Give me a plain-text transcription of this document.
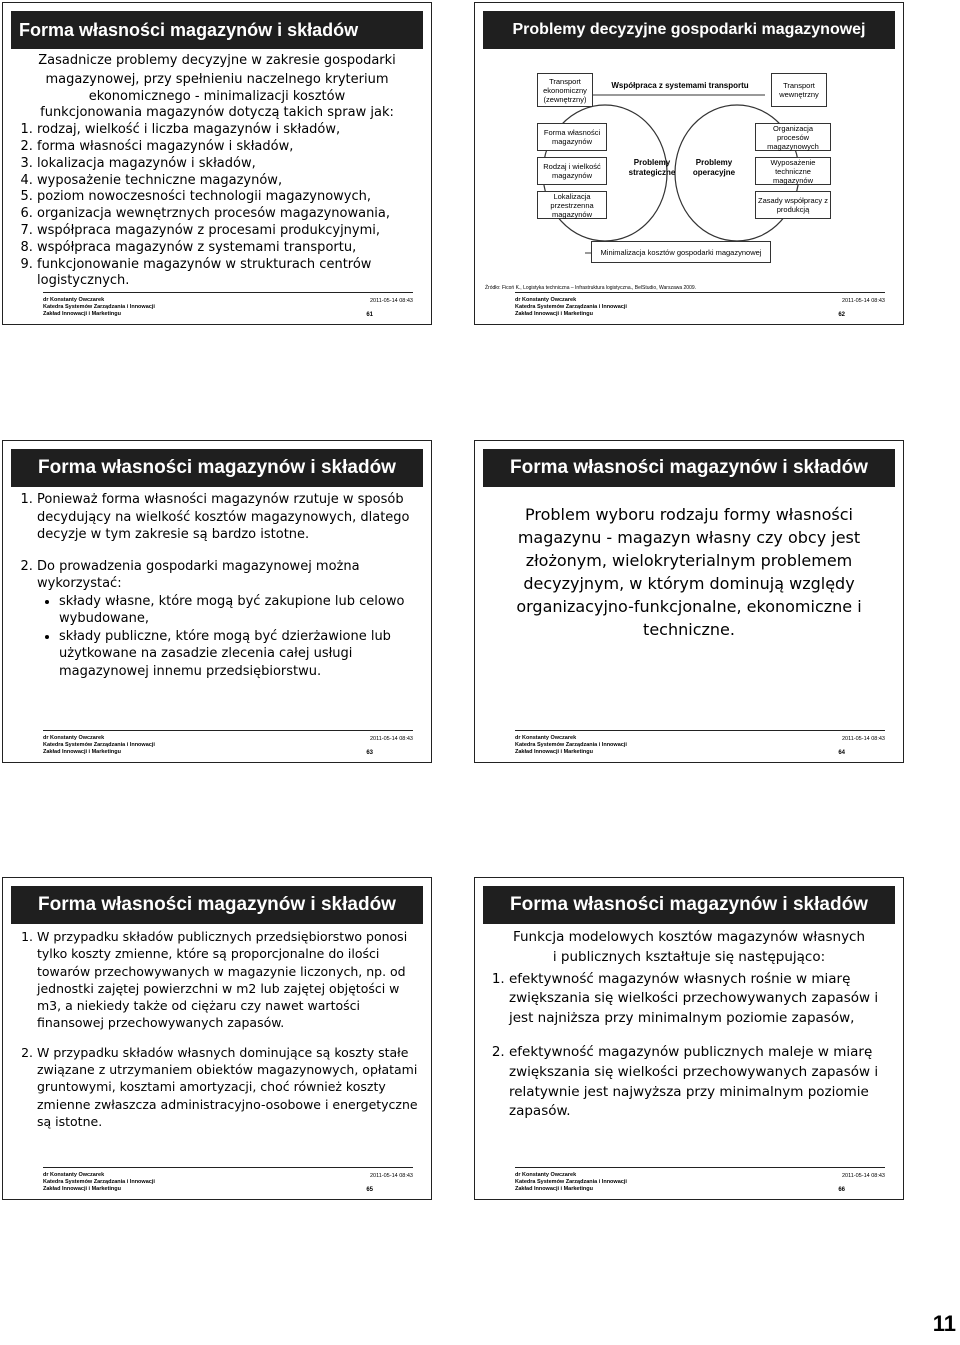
Forma własności magazynów i składów
Zasadnicze problemy decyzyjne w zakresie gospodarki
magazynowej, przy spełnieniu naczelnego kryterium
ekonomicznego - minimalizacji kosztów
funkcjonowania magazynów dotyczą takich spraw jak:
1. rodzaj, wielkość i liczba magazynów i składów,
2. forma własności magazynów i składów,
3. lokalizacja magazynów i składów,
4. wyposażenie techniczne magazynów,
5. poziom nowoczesności technologii magazynowych,
6. organizacja wewnętrznych procesów magazynowania,
7. współpraca magazynów z procesami produkcyjnymi,
8. współpraca magazynów z systemami transportu,
9. funkcjonowanie magazynów w strukturach centrów logistycznych.
dr Konstanty Owczarek
Katedra Systemów Zarządzania i Innowacji
Zakład Innowacji i Marketingu
2011-05-14 08:43
61
Problemy decyzyjne gospodarki magazynowej
Transport ekonomiczny (zewnętrzny)
Współpraca z systemami transportu	Transport wewnętrzny
Forma własności magazynów
Rodzaj i wielkość magazynów
Lokalizacja przestrzenna magazynów
Problemy strategiczne
Problemy operacyjne
Organizacja procesów magazynowych
Wyposażenie techniczne magazynów
Zasady współpracy z produkcją
Minimalizacja kosztów gospodarki magazynowej
Źródło: Ficoń K., Logistyka techniczna – Infrastruktura logistyczna., BelStudio, Warszawa 2009.
dr Konstanty Owczarek
Katedra Systemów Zarządzania i Innowacji
Zakład Innowacji i Marketingu
2011-05-14 08:43
62
Forma własności magazynów i składów
1. Ponieważ forma własności magazynów rzutuje w sposób decydujący na wielkość kosztów magazynowych, dlatego decyzje w tym zakresie są bardzo istotne.
2. Do prowadzenia gospodarki magazynowej można wykorzystać:
• składy własne, które mogą być zakupione lub celowo wybudowane,
• składy publiczne, które mogą być dzierżawione lub użytkowane na zasadzie zlecenia całej usługi magazynowej innemu przedsiębiorstwu.
dr Konstanty Owczarek
Katedra Systemów Zarządzania i Innowacji
Zakład Innowacji i Marketingu
2011-05-14 08:43
63
Forma własności magazynów i składów
Problem wyboru rodzaju formy własności magazynu - magazyn własny czy obcy jest złożonym, wielokryterialnym problemem decyzyjnym, w którym dominują względy organizacyjno-funkcjonalne, ekonomiczne i techniczne.
dr Konstanty Owczarek
Katedra Systemów Zarządzania i Innowacji
Zakład Innowacji i Marketingu
2011-05-14 08:43
64
Forma własności magazynów i składów
1. W przypadku składów publicznych przedsiębiorstwo ponosi tylko koszty zmienne, które są proporcjonalne do ilości towarów przechowywanych w magazynie liczonych, np. od jednostki zajętej powierzchni w m2 lub zajętej objętości w m3, a niekiedy także od ciężaru czy nawet wartości finansowej przechowywanych zapasów.
2. W przypadku składów własnych dominujące są koszty stałe związane z utrzymaniem obiektów magazynowych, opłatami gruntowymi, kosztami amortyzacji, choć również koszty zmienne zwłaszcza administracyjno-osobowe i energetyczne są istotne.
dr Konstanty Owczarek
Katedra Systemów Zarządzania i Innowacji
Zakład Innowacji i Marketingu
2011-05-14 08:43
65
Forma własności magazynów i składów
Funkcja modelowych kosztów magazynów własnych i publicznych kształtuje się następująco:
1. efektywność magazynów własnych rośnie w miarę zwiększania się wielkości przechowywanych zapasów i jest najniższa przy minimalnym poziomie zapasów,
2. efektywność magazynów publicznych maleje w miarę zwiększania się wielkości przechowywanych zapasów i relatywnie jest najwyższa przy minimalnym poziomie zapasów.
dr Konstanty Owczarek
Katedra Systemów Zarządzania i Innowacji
Zakład Innowacji i Marketingu
2011-05-14 08:43
66
11
